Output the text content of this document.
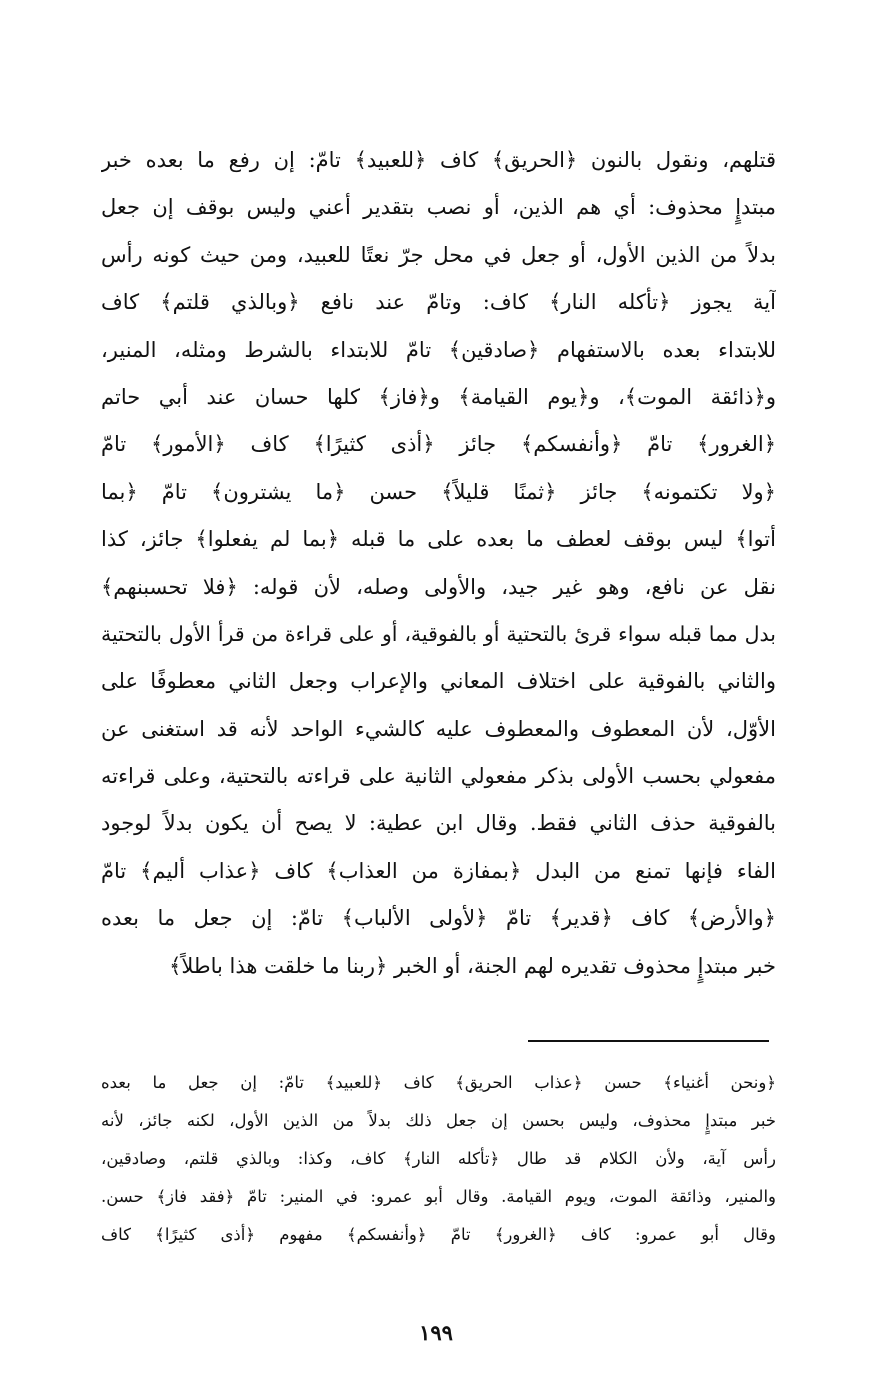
قتلهم، ونقول بالنون ﴿الحريق﴾ كاف ﴿للعبيد﴾ تامّ: إن رفع ما بعده خبر
مبتدإٍ محذوف: أي هم الذين، أو نصب بتقدير أعني وليس بوقف إن جعل
بدلاً من الذين الأول، أو جعل في محل جرّ نعتًا للعبيد، ومن حيث كونه رأس
آية يجوز ﴿تأكله النار﴾ كاف: وتامّ عند نافع ﴿وبالذي قلتم﴾ كاف
للابتداء بعده بالاستفهام ﴿صادقين﴾ تامّ للابتداء بالشرط ومثله، المنير،
و﴿ذائقة الموت﴾، و﴿يوم القيامة﴾ و﴿فاز﴾ كلها حسان عند أبي حاتم
﴿الغرور﴾ تامّ ﴿وأنفسكم﴾ جائز ﴿أذى كثيرًا﴾ كاف ﴿الأمور﴾ تامّ
﴿ولا تكتمونه﴾ جائز ﴿ثمنًا قليلاً﴾ حسن ﴿ما يشترون﴾ تامّ ﴿بما
أتوا﴾ ليس بوقف لعطف ما بعده على ما قبله ﴿بما لم يفعلوا﴾ جائز، كذا
نقل عن نافع، وهو غير جيد، والأولى وصله، لأن قوله: ﴿فلا تحسبنهم﴾
بدل مما قبله سواء قرئ بالتحتية أو بالفوقية، أو على قراءة من قرأ الأول بالتحتية
والثاني بالفوقية على اختلاف المعاني والإعراب وجعل الثاني معطوفًا على
الأوّل، لأن المعطوف والمعطوف عليه كالشيء الواحد لأنه قد استغنى عن
مفعولي بحسب الأولى بذكر مفعولي الثانية على قراءته بالتحتية، وعلى قراءته
بالفوقية حذف الثاني فقط. وقال ابن عطية: لا يصح أن يكون بدلاً لوجود
الفاء فإنها تمنع من البدل ﴿بمفازة من العذاب﴾ كاف ﴿عذاب أليم﴾ تامّ
﴿والأرض﴾ كاف ﴿قدير﴾ تامّ ﴿لأولى الألباب﴾ تامّ: إن جعل ما بعده
خبر مبتدإٍ محذوف تقديره لهم الجنة، أو الخبر ﴿ربنا ما خلقت هذا باطلاً﴾
﴿ونحن أغنياء﴾ حسن ﴿عذاب الحريق﴾ كاف ﴿للعبيد﴾ تامّ: إن جعل ما بعده
خبر مبتدإٍ محذوف، وليس بحسن إن جعل ذلك بدلاً من الذين الأول، لكنه جائز، لأنه
رأس آية، ولأن الكلام قد طال ﴿تأكله النار﴾ كاف، وكذا: وبالذي قلتم، وصادقين،
والمنير، وذائقة الموت، ويوم القيامة. وقال أبو عمرو: في المنير: تامّ ﴿فقد فاز﴾ حسن.
وقال أبو عمرو: كاف ﴿الغرور﴾ تامّ ﴿وأنفسكم﴾ مفهوم ﴿أذى كثيرًا﴾ كاف
١٩٩
